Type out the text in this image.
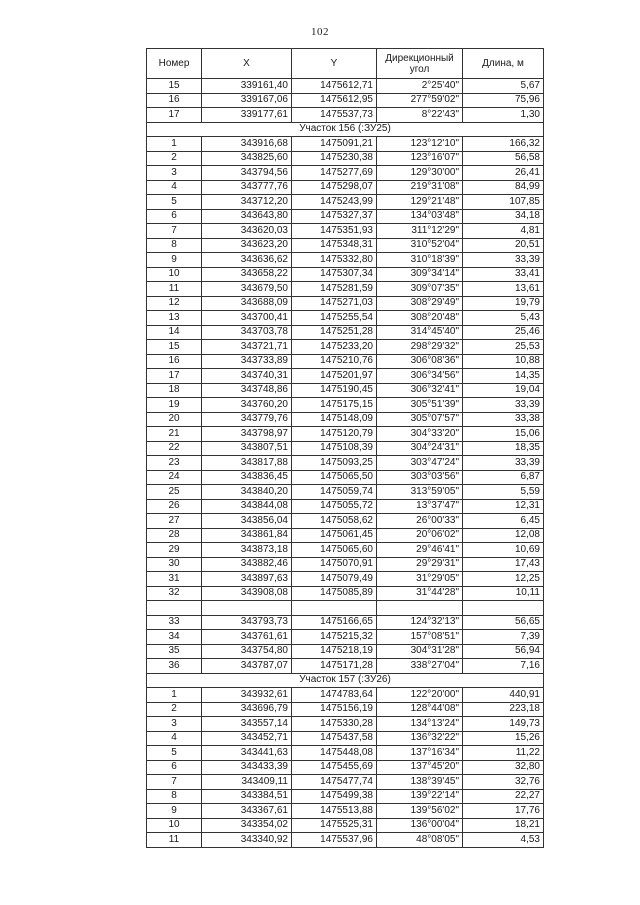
102
Номер	X	Y	Дирекционный угол	Длина, м
15	339161,40	1475612,71	2°25'40"	5,67
16	339167,06	1475612,95	277°59'02"	75,96
17	339177,61	1475537,73	8°22'43"	1,30
Участок 156 (:ЗУ25)				
1	343916,68	1475091,21	123°12'10"	166,32
2	343825,60	1475230,38	123°16'07"	56,58
3	343794,56	1475277,69	129°30'00"	26,41
4	343777,76	1475298,07	219°31'08"	84,99
5	343712,20	1475243,99	129°21'48"	107,85
6	343643,80	1475327,37	134°03'48"	34,18
7	343620,03	1475351,93	311°12'29"	4,81
8	343623,20	1475348,31	310°52'04"	20,51
9	343636,62	1475332,80	310°18'39"	33,39
10	343658,22	1475307,34	309°34'14"	33,41
11	343679,50	1475281,59	309°07'35"	13,61
12	343688,09	1475271,03	308°29'49"	19,79
13	343700,41	1475255,54	308°20'48"	5,43
14	343703,78	1475251,28	314°45'40"	25,46
15	343721,71	1475233,20	298°29'32"	25,53
16	343733,89	1475210,76	306°08'36"	10,88
17	343740,31	1475201,97	306°34'56"	14,35
18	343748,86	1475190,45	306°32'41"	19,04
19	343760,20	1475175,15	305°51'39"	33,39
20	343779,76	1475148,09	305°07'57"	33,38
21	343798,97	1475120,79	304°33'20"	15,06
22	343807,51	1475108,39	304°24'31"	18,35
23	343817,88	1475093,25	303°47'24"	33,39
24	343836,45	1475065,50	303°03'56"	6,87
25	343840,20	1475059,74	313°59'05"	5,59
26	343844,08	1475055,72	13°37'47"	12,31
27	343856,04	1475058,62	26°00'33"	6,45
28	343861,84	1475061,45	20°06'02"	12,08
29	343873,18	1475065,60	29°46'41"	10,69
30	343882,46	1475070,91	29°29'31"	17,43
31	343897,63	1475079,49	31°29'05"	12,25
32	343908,08	1475085,89	31°44'28"	10,11

33	343793,73	1475166,65	124°32'13"	56,65
34	343761,61	1475215,32	157°08'51"	7,39
35	343754,80	1475218,19	304°31'28"	56,94
36	343787,07	1475171,28	338°27'04"	7,16
Участок 157 (:ЗУ26)				
1	343932,61	1474783,64	122°20'00"	440,91
2	343696,79	1475156,19	128°44'08"	223,18
3	343557,14	1475330,28	134°13'24"	149,73
4	343452,71	1475437,58	136°32'22"	15,26
5	343441,63	1475448,08	137°16'34"	11,22
6	343433,39	1475455,69	137°45'20"	32,80
7	343409,11	1475477,74	138°39'45"	32,76
8	343384,51	1475499,38	139°22'14"	22,27
9	343367,61	1475513,88	139°56'02"	17,76
10	343354,02	1475525,31	136°00'04"	18,21
11	343340,92	1475537,96	48°08'05"	4,53
